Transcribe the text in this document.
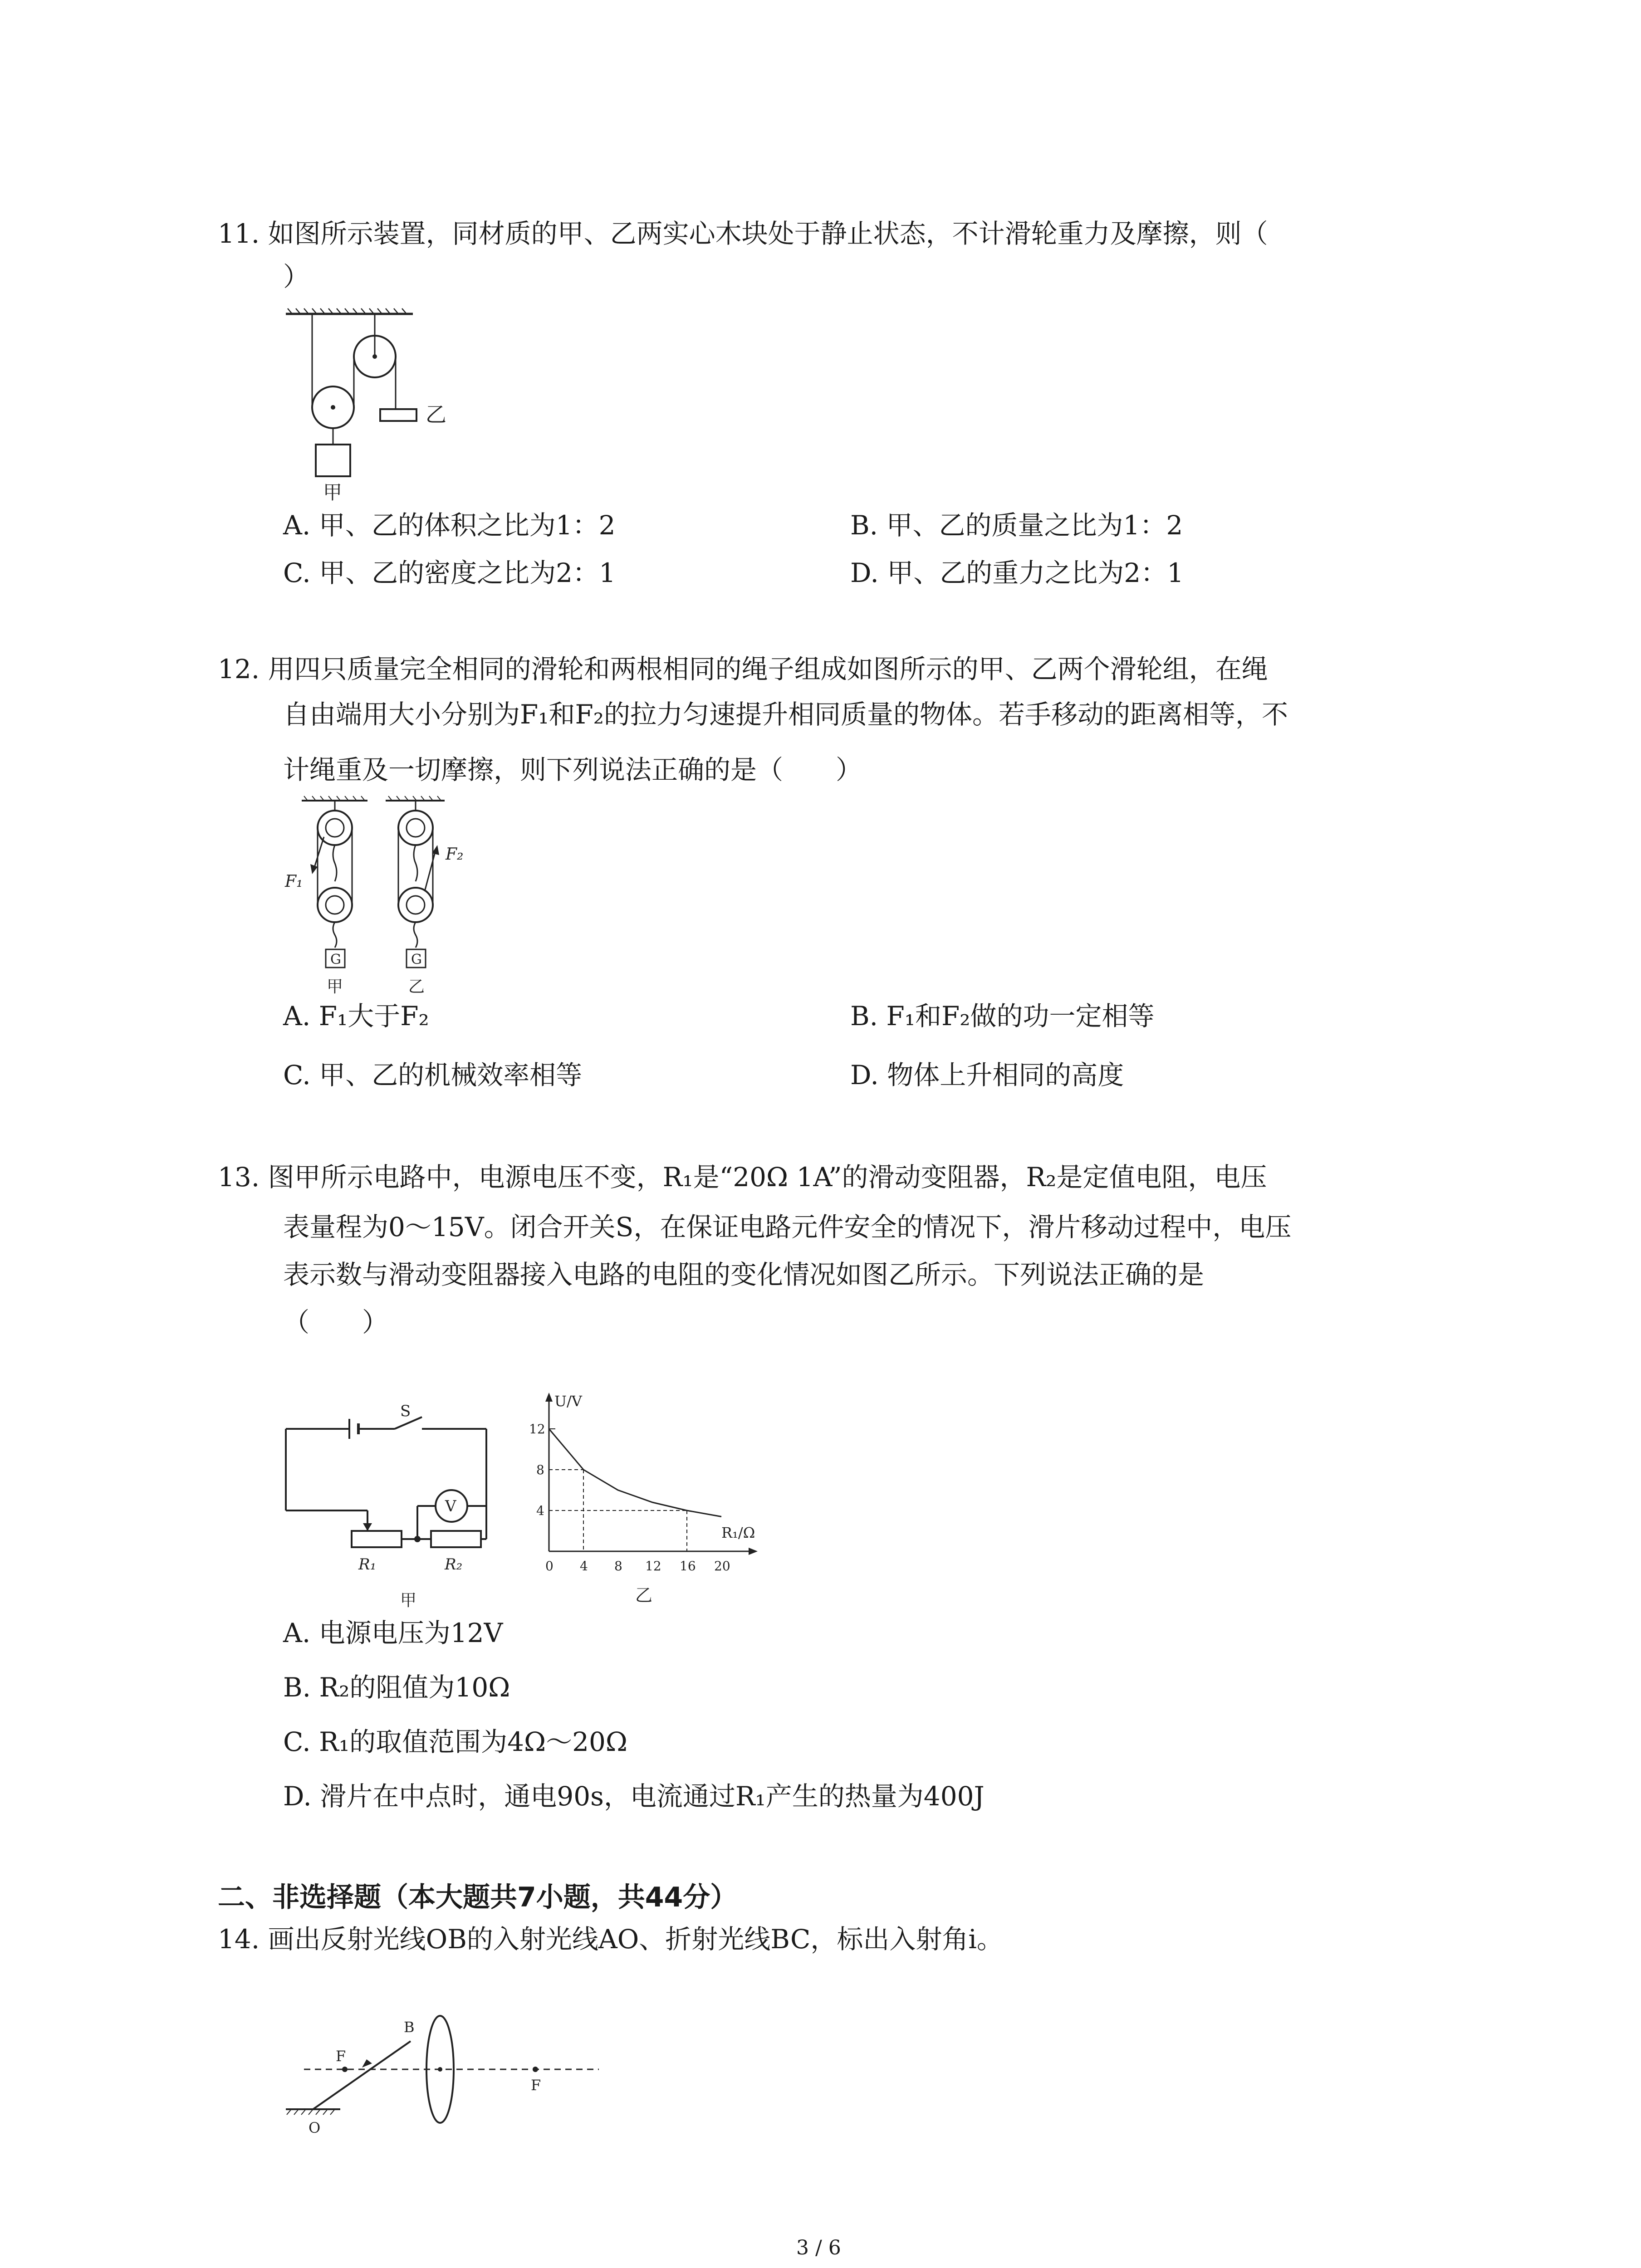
11. 如图所示装置，同材质的甲、乙两实心木块处于静止状态，不计滑轮重力及摩擦，则（
）
乙
甲
A. 甲、乙的体积之比为1：2	B. 甲、乙的质量之比为1：2
C. 甲、乙的密度之比为2：1	D. 甲、乙的重力之比为2：1
12. 用四只质量完全相同的滑轮和两根相同的绳子组成如图所示的甲、乙两个滑轮组，在绳
自由端用大小分别为F₁和F₂的拉力匀速提升相同质量的物体。若手移动的距离相等，不
计绳重及一切摩擦，则下列说法正确的是（　　）
F₁
G
甲
F₂
G
乙
A. F₁大于F₂	B. F₁和F₂做的功一定相等
C. 甲、乙的机械效率相等	D. 物体上升相同的高度
13. 图甲所示电路中，电源电压不变，R₁是“20Ω 1A”的滑动变阻器，R₂是定值电阻，电压
表量程为0～15V。闭合开关S，在保证电路元件安全的情况下，滑片移动过程中，电压
表示数与滑动变阻器接入电路的电阻的变化情况如图乙所示。下列说法正确的是
（　　）
S
V
R₁	R₂
甲
U/V
R₁/Ω
0 4 8 12 16 20
4
8
12
乙
A. 电源电压为12V
B. R₂的阻值为10Ω
C. R₁的取值范围为4Ω～20Ω
D. 滑片在中点时，通电90s，电流通过R₁产生的热量为400J
二、非选择题（本大题共7小题，共44分）
14. 画出反射光线OB的入射光线AO、折射光线BC，标出入射角i。
B
F
F
O
3 / 6
